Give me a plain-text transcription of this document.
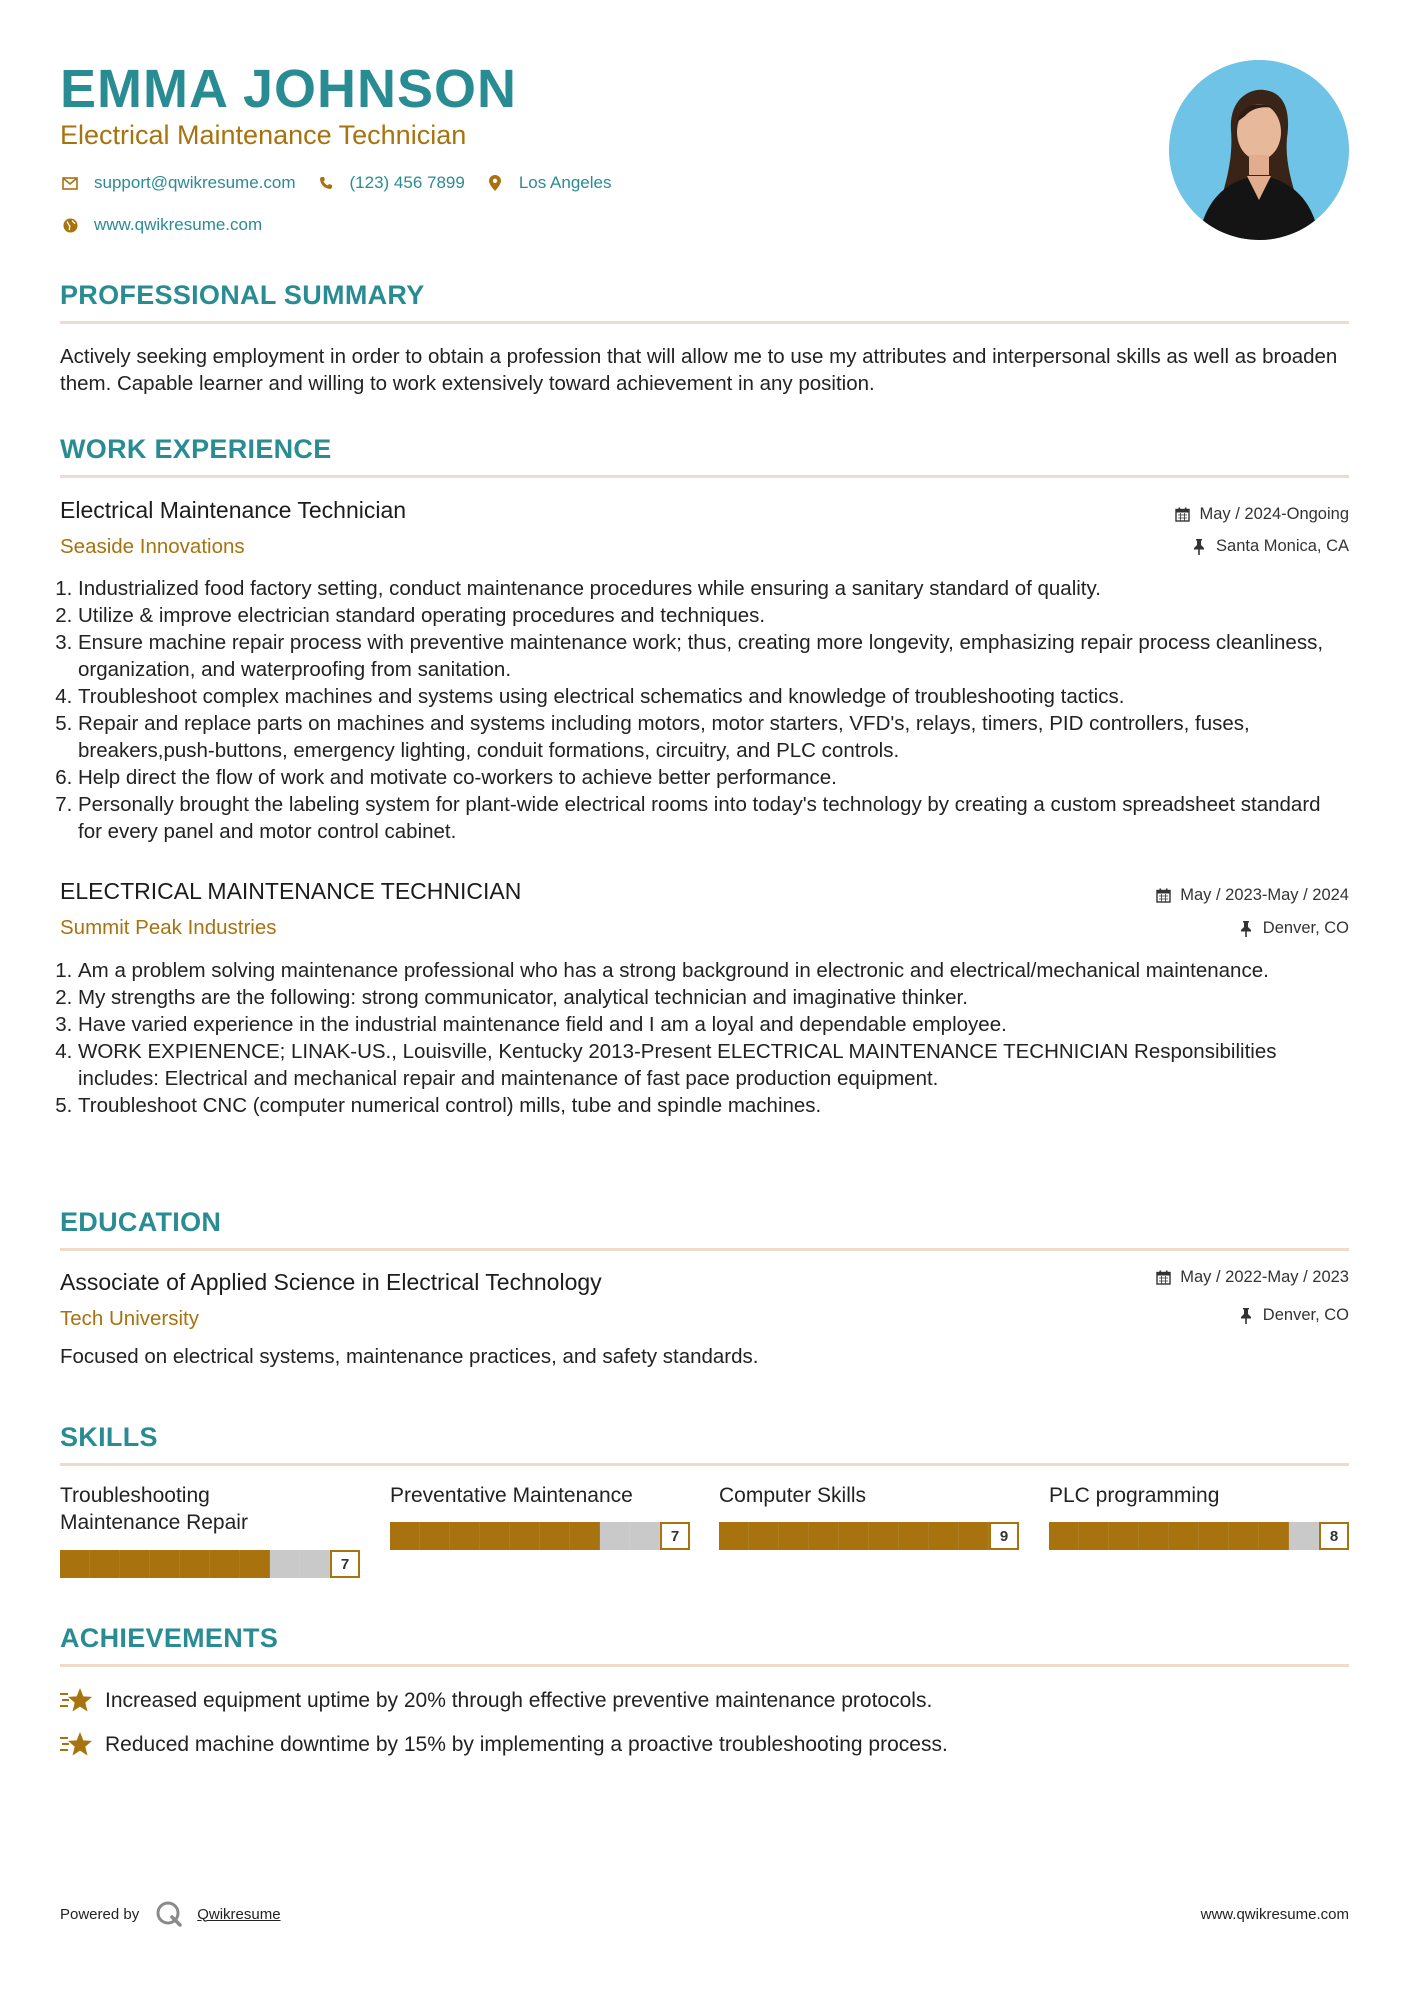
EMMA JOHNSON
Electrical Maintenance Technician
support@qwikresume.com	(123) 456 7899	Los Angeles
www.qwikresume.com
PROFESSIONAL SUMMARY
Actively seeking employment in order to obtain a profession that will allow me to use my attributes and interpersonal skills as well as broaden them. Capable learner and willing to work extensively toward achievement in any position.
WORK EXPERIENCE
Electrical Maintenance Technician
Seaside Innovations
May / 2024-Ongoing
Santa Monica, CA
1. Industrialized food factory setting, conduct maintenance procedures while ensuring a sanitary standard of quality.
2. Utilize & improve electrician standard operating procedures and techniques.
3. Ensure machine repair process with preventive maintenance work; thus, creating more longevity, emphasizing repair process cleanliness, organization, and waterproofing from sanitation.
4. Troubleshoot complex machines and systems using electrical schematics and knowledge of troubleshooting tactics.
5. Repair and replace parts on machines and systems including motors, motor starters, VFD's, relays, timers, PID controllers, fuses, breakers,push-buttons, emergency lighting, conduit formations, circuitry, and PLC controls.
6. Help direct the flow of work and motivate co-workers to achieve better performance.
7. Personally brought the labeling system for plant-wide electrical rooms into today's technology by creating a custom spreadsheet standard for every panel and motor control cabinet.
ELECTRICAL MAINTENANCE TECHNICIAN
Summit Peak Industries
May / 2023-May / 2024
Denver, CO
1. Am a problem solving maintenance professional who has a strong background in electronic and electrical/mechanical maintenance.
2. My strengths are the following: strong communicator, analytical technician and imaginative thinker.
3. Have varied experience in the industrial maintenance field and I am a loyal and dependable employee.
4. WORK EXPIENENCE; LINAK-US., Louisville, Kentucky 2013-Present ELECTRICAL MAINTENANCE TECHNICIAN Responsibilities includes: Electrical and mechanical repair and maintenance of fast pace production equipment.
5. Troubleshoot CNC (computer numerical control) mills, tube and spindle machines.
EDUCATION
Associate of Applied Science in Electrical Technology
Tech University
May / 2022-May / 2023
Denver, CO
Focused on electrical systems, maintenance practices, and safety standards.
SKILLS
Troubleshooting Maintenance Repair
7
Preventative Maintenance
7
Computer Skills
9
PLC programming
8
ACHIEVEMENTS
Increased equipment uptime by 20% through effective preventive maintenance protocols.
Reduced machine downtime by 15% by implementing a proactive troubleshooting process.
Powered by	Qwikresume	www.qwikresume.com
